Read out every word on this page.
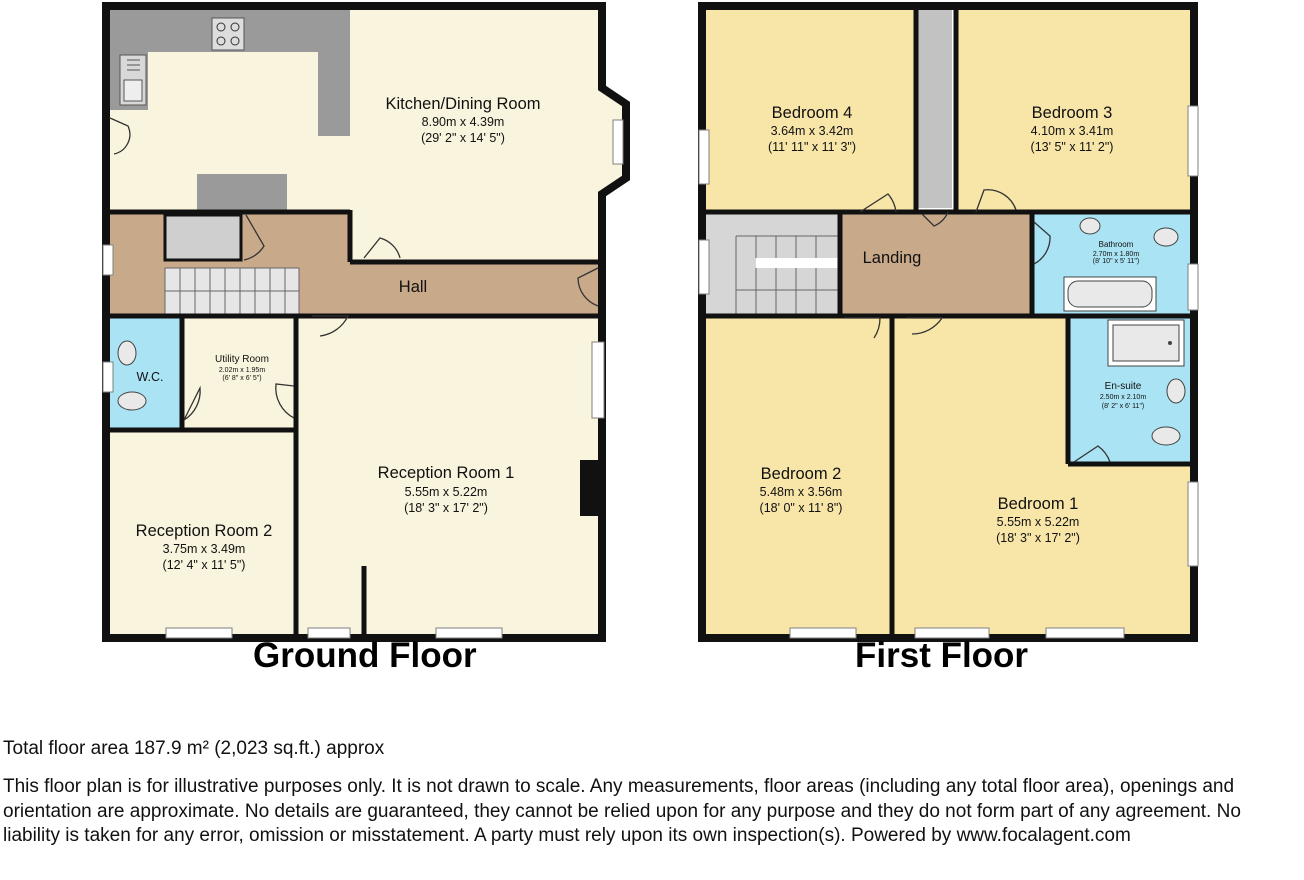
Kitchen/Dining Room
8.90m x 4.39m
(29' 2" x 14' 5")
Hall
W.C.
Utility Room
2.02m x 1.95m
(6' 8" x 6' 5")
Reception Room 1
5.55m x 5.22m
(18' 3" x 17' 2")
Reception Room 2
3.75m x 3.49m
(12' 4" x 11' 5")
Bedroom 4
3.64m x 3.42m
(11' 11" x 11' 3")
Bedroom 3
4.10m x 3.41m
(13' 5" x 11' 2")
Landing
Bathroom
2.70m x 1.80m
(8' 10" x 5' 11")
En-suite
2.50m x 2.10m
(8' 2" x 6' 11")
Bedroom 2
5.48m x 3.56m
(18' 0" x 11' 8")	Bedroom 1
5.55m x 5.22m
(18' 3" x 17' 2")
Ground Floor	First Floor
Total floor area 187.9 m² (2,023 sq.ft.) approx

This floor plan is for illustrative purposes only. It is not drawn to scale. Any measurements, floor areas (including any total floor area), openings and orientation are approximate. No details are guaranteed, they cannot be relied upon for any purpose and they do not form part of any agreement. No liability is taken for any error, omission or misstatement. A party must rely upon its own inspection(s). Powered by www.focalagent.com
